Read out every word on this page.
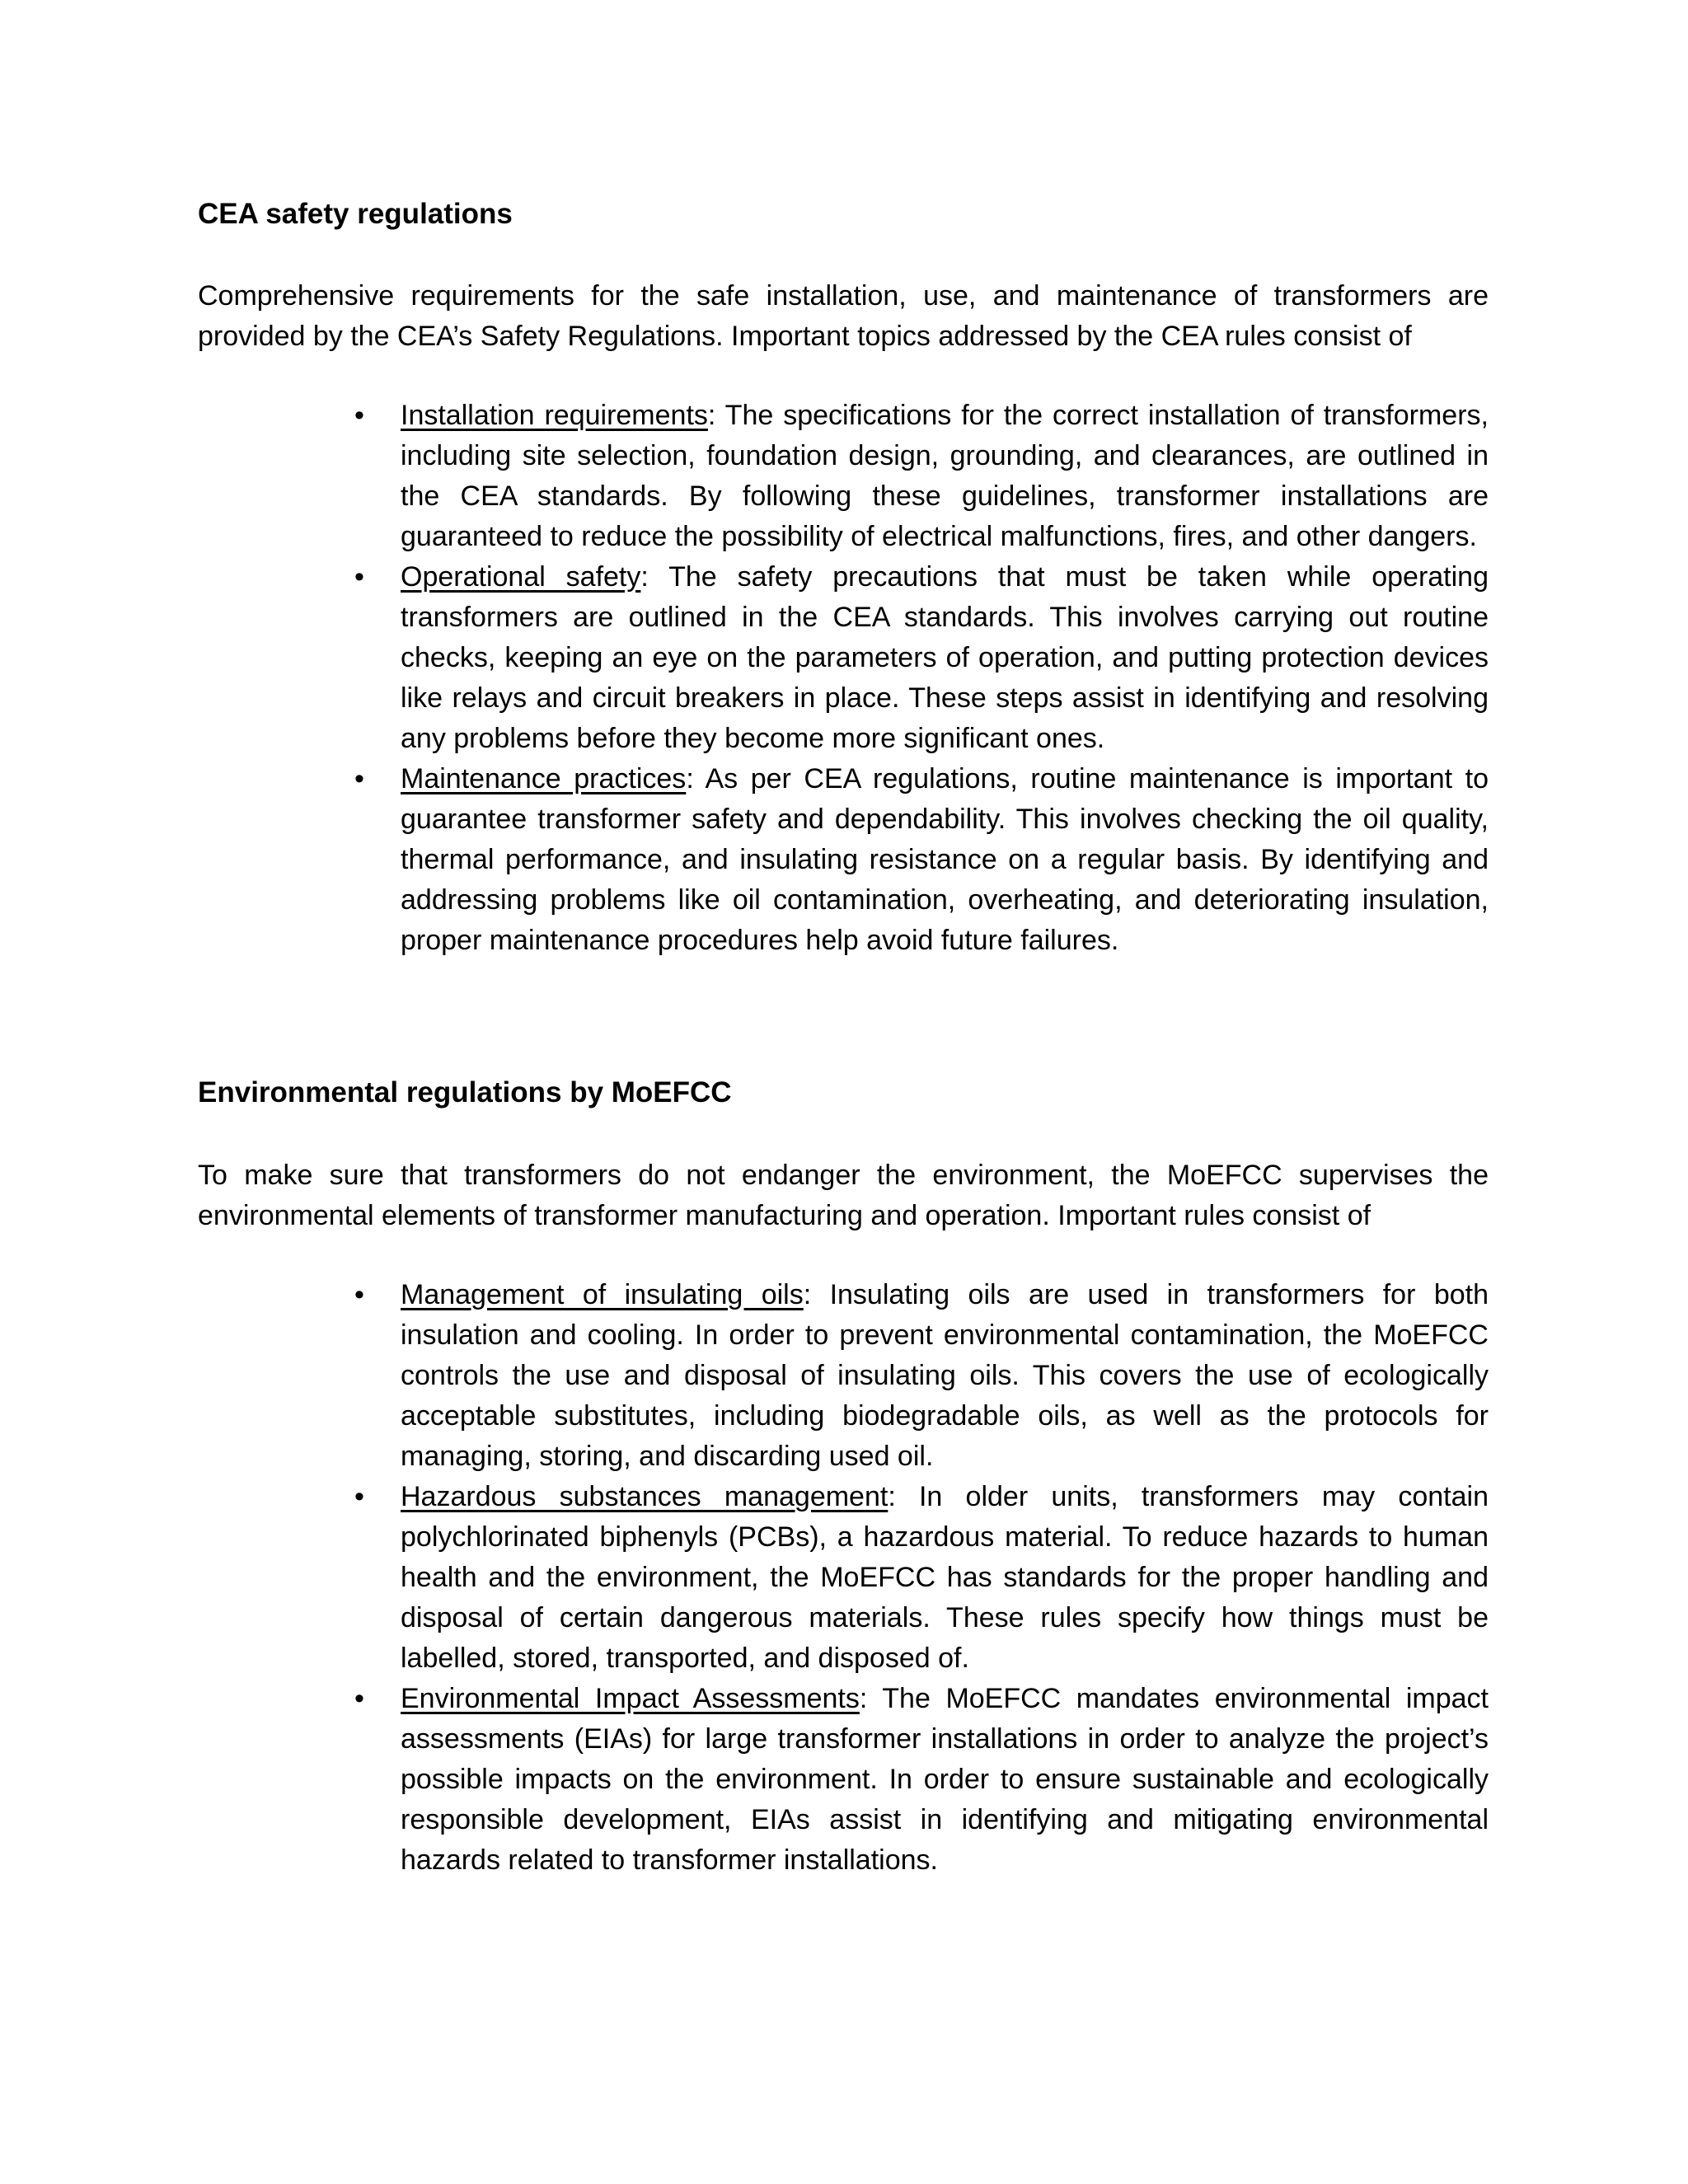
CEA safety regulations

Comprehensive requirements for the safe installation, use, and maintenance of transformers are provided by the CEA’s Safety Regulations. Important topics addressed by the CEA rules consist of

• Installation requirements: The specifications for the correct installation of transformers, including site selection, foundation design, grounding, and clearances, are outlined in the CEA standards. By following these guidelines, transformer installations are guaranteed to reduce the possibility of electrical malfunctions, fires, and other dangers.
• Operational safety: The safety precautions that must be taken while operating transformers are outlined in the CEA standards. This involves carrying out routine checks, keeping an eye on the parameters of operation, and putting protection devices like relays and circuit breakers in place. These steps assist in identifying and resolving any problems before they become more significant ones.
• Maintenance practices: As per CEA regulations, routine maintenance is important to guarantee transformer safety and dependability. This involves checking the oil quality, thermal performance, and insulating resistance on a regular basis. By identifying and addressing problems like oil contamination, overheating, and deteriorating insulation, proper maintenance procedures help avoid future failures.
Environmental regulations by MoEFCC

To make sure that transformers do not endanger the environment, the MoEFCC supervises the environmental elements of transformer manufacturing and operation. Important rules consist of

• Management of insulating oils: Insulating oils are used in transformers for both insulation and cooling. In order to prevent environmental contamination, the MoEFCC controls the use and disposal of insulating oils. This covers the use of ecologically acceptable substitutes, including biodegradable oils, as well as the protocols for managing, storing, and discarding used oil.
• Hazardous substances management: In older units, transformers may contain polychlorinated biphenyls (PCBs), a hazardous material. To reduce hazards to human health and the environment, the MoEFCC has standards for the proper handling and disposal of certain dangerous materials. These rules specify how things must be labelled, stored, transported, and disposed of.
• Environmental Impact Assessments: The MoEFCC mandates environmental impact assessments (EIAs) for large transformer installations in order to analyze the project’s possible impacts on the environment. In order to ensure sustainable and ecologically responsible development, EIAs assist in identifying and mitigating environmental hazards related to transformer installations.
